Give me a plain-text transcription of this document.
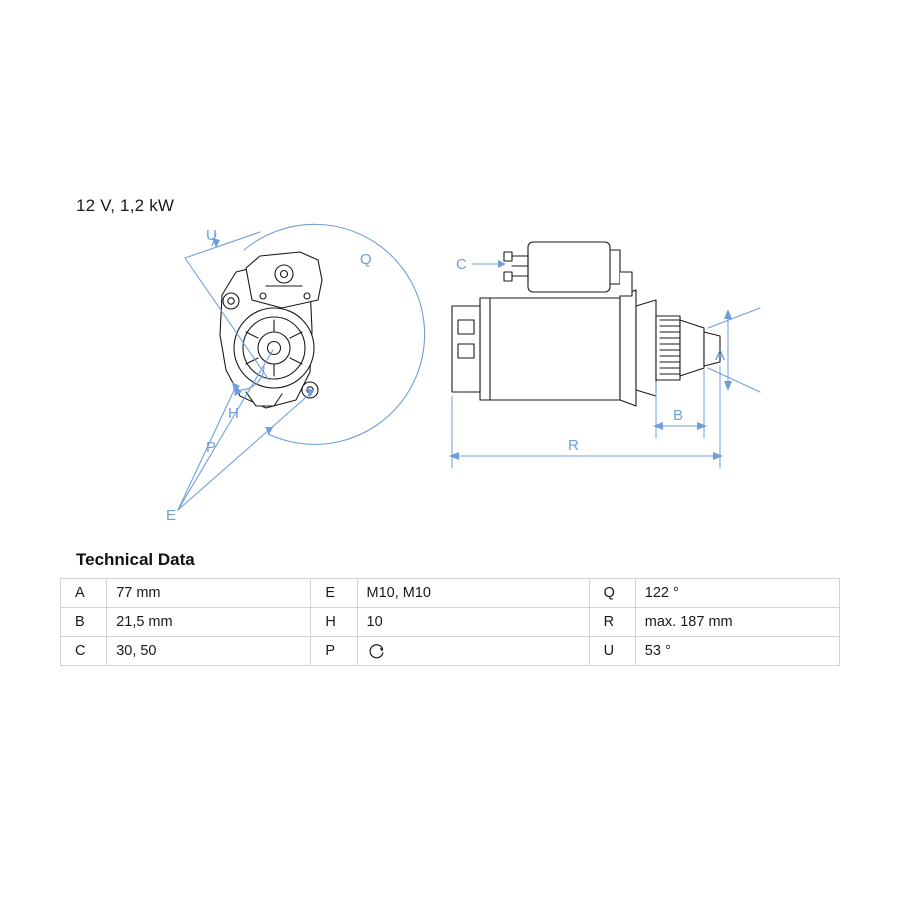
12 V, 1,2 kW
U
Q
H
P
E
C
A
B
R
Technical Data
A	77 mm	E	M10, M10	Q	122 °
B	21,5 mm	H	10	R	max. 187 mm
C	30, 50	P		U	53 °
